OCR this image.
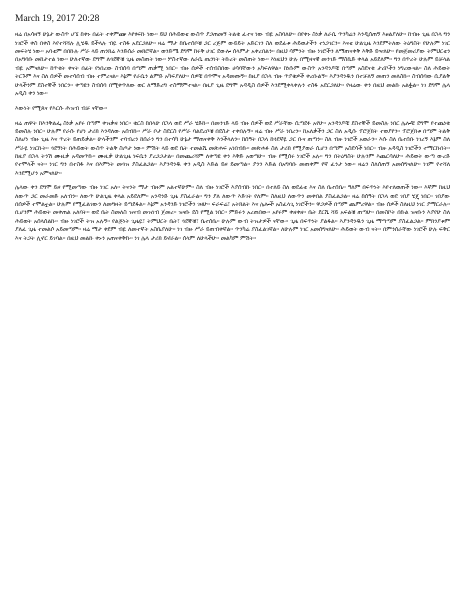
March 19, 2017 20:28

ዛሬ በአሳዛኝ ሁኔታ ውስጥ ሆኜ ከቀኑ በፊት ተቀምጬ እየፃፍኩ ነው። ይህ በሕይወቴ ውስጥ ያጋጠመኝ ትልቁ ፈተና ነው ብዬ አስባለሁ። በየቀኑ ስነቃ ለራሴ ጥንካሬን እንዲሰጠኝ እፀልያለሁ። ከብዙ ጊዜ በኋላ ግን ነገሮች ቀስ በቀስ እየተሻሻሉ ሊሄዱ ይችላሉ ብዬ ተስፋ አደርጋለሁ። ዛሬ ማታ ከቤተሰቦቼ ጋር ረጅም ውይይት አድርገን ስለ ወደፊቱ ሕይወታችን ተነጋገርን። እናቴ ሁልጊዜ እንደምትለው ትዕግስት የሁሉም ነገር መፍትሄ ነው። አባቴም በበኩሉ ሥራ ላይ ጠንክሬ እንድሰራ መክሮኛል። ወንድሜ ደግሞ ከሩቅ ሀገር ደውሎ ሰላምታ አቀረበልን። በዚህ ሳምንት ብዙ ነገሮችን ለማጠናቀቅ እቅድ ይዣለሁ። የመጀመሪያው ትምህርቴን በአግባቡ መከታተል ነው። ሁለተኛው ደግሞ ለጓደኞቼ ጊዜ መስጠት ነው። ሦስተኛው ለራሴ ጤንነት ትኩረት መስጠት ነው። እነዚህን ሁሉ በሚዛናዊ መንገድ ማስኬድ ቀላል አይደለም። ግን በጥረት ሁሉም ይቻላል ብዬ አምናለሁ። ከጥቂት ቀናት በፊት የነበረው ስብሰባ በጣም ጠቃሚ ነበር። ብዙ ሰዎች ተሰብስበው ሀሳባቸውን አካፍለዋል። ከነሱም ውስጥ አንዳንዶቹ በጣም አስደናቂ ታሪኮችን ነግረውናል። ስለ ሕይወት ትርጉም እና ስለ ሰዎች መተሳሰብ ብዙ ተምረናል። እኔም የራሴን ልምድ አካፍያለሁ። ሰዎቹ በጥሞና አዳመጡኝ። ከዚያ በኋላ ብዙ ጥያቄዎች ቀረቡልኝ። እያንዳንዱን በተቻለኝ መጠን መለስኩ። ስብሰባው ሲያልቅ ሁላችንም ደስተኞች ነበርን። ቀጣዩን ስብሰባ በሚቀጥለው ወር ለማድረግ ተስማምተናል። በዚያ ጊዜ ደግሞ አዳዲስ ሰዎች እንደሚቀላቀሉን ተስፋ አደርጋለሁ። የዛሬው ቀን በዚህ መልኩ አልፏል። ነገ ደግሞ ሌላ አዲስ ቀን ነው።

እውነት የሚጸና የእርሱ ሕዝብ ብቻ ናቸው።

ዛሬ ጠዋት ከእንቅልፌ ስነቃ አየሩ በጣም ቀዝቃዛ ነበር። ቁርስ ከበላሁ በኋላ ወደ ሥራ ሄድኩ። በመንገድ ላይ ብዙ ሰዎች ወደ ሥራቸው ሲጣደፉ አየሁ። አንዳንዶቹ ደስተኞች ይመስሉ ነበር ሌሎቹ ደግሞ የተጨነቁ ይመስሉ ነበር። ሁሉም የራሱ የሆነ ታሪክ እንዳለው አሰብኩ። ሥራ ቦታ ስደርስ የሥራ ባልደረቦቼ በደስታ ተቀበሉኝ። ዛሬ ብዙ ሥራ ነበረን። ከአለቃችን ጋር ስለ አዲሱ ፕሮጀክት ተወያየን። ፕሮጀክቱ በጣም ትልቅ ስለሆነ ብዙ ጊዜ እና ጥረት ይጠይቃል። ሁላችንም ተባብረን ከሰራን ግን በተሳካ ሁኔታ ማጠናቀቅ እንችላለን። ከሰዓት በኋላ ከጓደኛዬ ጋር ቡና ጠጣን። ስለ ብዙ ነገሮች አወራን። እሱ ስለ ቤተሰቡ ነገረኝ እኔም ስለ ሥራዬ ነገርኩት። ጓደኝነት በሕይወት ውስጥ ትልቅ ስጦታ ነው። ምሽት ላይ ወደ ቤት ተመልሼ መጽሐፍ አነበብኩ። መጽሐፉ ስለ ታሪክ የሚያወራ ሲሆን በጣም አስደሳች ነበር። ብዙ አዳዲስ ነገሮችን ተማርኩበት። ከዚያ በኋላ ትንሽ ሙዚቃ አዳመጥኩ። ሙዚቃ ሁልጊዜ ነፍሴን ያረጋጋታል። በመጨረሻም ለቀጣዩ ቀን እቅድ አወጣሁ። ብዙ የሚሰሩ ነገሮች አሉ። ግን በትዕግስት ሁሉንም እጨርሳለሁ። ሕይወት ውጣ ውረድ የተሞላች ናት። ነገር ግን በተስፋ እና በእምነት መጓዝ ያስፈልጋል። እያንዳንዱ ቀን አዲስ እድል ይዞ ይመጣል። ያንን እድል በአግባቡ መጠቀም የኛ ፈንታ ነው። ዛሬን ስለሰጠኝ አመሰግናለሁ። ነገም የተሻለ እንደሚሆን አምናለሁ።

ሌላው ቀን ደግሞ ይዞ የሚመጣው ብዙ ነገር አለ። ትናንት ማታ ብዙም አልተኛሁም። ስለ ብዙ ነገሮች እያሰብኩ ነበር። በተለይ ስለ ወደፊቴ እና ስለ ቤተሰቤ። ዓለም በፍጥነት እየተለወጠች ነው። እኛም ከዚህ ለውጥ ጋር መራመድ አለብን። ለውጥ ሁልጊዜ ቀላል አይደለም። አንዳንድ ጊዜ ያስፈራል። ግን ያለ ለውጥ እድገት የለም። ስለዚህ ለውጥን መቀበል ያስፈልጋል። ዛሬ ከሰዓት በኋላ ወደ ገበያ ሄጄ ነበር። ገበያው በሰዎች ተሞልቷል። ሁሉም የሚፈልገውን ለመግዛት ይጣደፋል። እኔም አንዳንድ ነገሮችን ገዛሁ። ፍራፍሬ፣ አትክልት እና ሌሎች አስፈላጊ ነገሮችን። ዋጋዎች በጣም ጨምረዋል። ብዙ ሰዎች ስለዚህ ነገር ያማርራሉ። ቢሆንም ሕይወት መቀጠል አለባት። ወደ ቤት ስመለስ ዝናብ መዝነብ ጀመረ። ዝናቡ ደስ የሚል ነበር። ምድሩን አረጠበው። አየሩም ቀዘቀዘ። ቤት ደርሼ ሻይ አፍልቼ ጠጣሁ። በመስኮት በኩል ዝናቡን እያየሁ ስለ ሕይወት አሰላሰልኩ። ብዙ ነገሮች ትዝ አሉኝ። የልጅነት ጊዜዬ፣ ትምህርት ቤት፣ ጓደኞቼ፣ ቤተሰቤ። ሁሉም ውብ ትዝታዎች ናቸው። ጊዜ በፍጥነት ያልፋል። እያንዳንዱን ጊዜ ማጣጣም ያስፈልጋል። ምክንያቱም ያለፈ ጊዜ ተመልሶ አይመጣም። ዛሬ ማታ ቀደም ብዬ ለመተኛት አስቤያለሁ። ነገ ብዙ ሥራ ይጠብቀኛል። ጥንካሬ ያስፈልገኛል። ለሁሉም ነገር አመሰግናለሁ። ሕይወት ውብ ናት። በምንሰራቸው ነገሮች ሁሉ ፍቅር እና ትጋት ሊኖር ይገባል። በዚህ መልኩ ቀኑን አጠናቀቅኩ። ነገ ሌላ ታሪክ ይኖራል። ሰላም ለሁላችሁ። መልካም ምሽት።
